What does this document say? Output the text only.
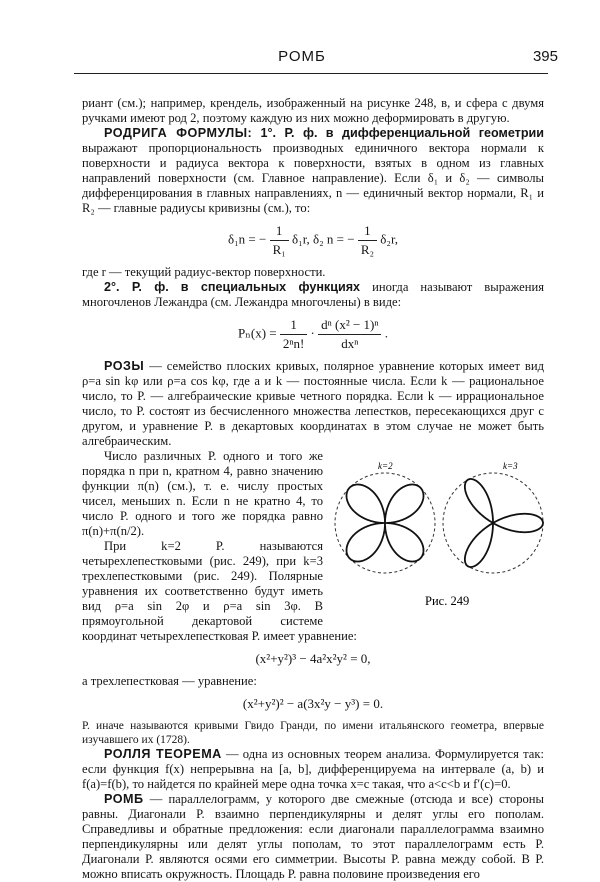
РОМБ	395

риант (см.); например, крендель, изображенный на рисунке 248, в, и сфера с двумя ручками имеют род 2, поэтому каждую из них можно деформировать в другую.

РОДРИГА ФОРМУЛЫ: 1°. Р. ф. в дифференциальной геометрии выражают пропорциональность производных единичного вектора нормали к поверхности и радиуса вектора к поверхности, взятых в одном из главных направлений поверхности (см. Главное направление). Если δ₁ и δ₂ — символы дифференцирования в главных направлениях, n — единичный вектор нормали, R₁ и R₂ — главные радиусы кривизны (см.), то:

δ₁n = − $\frac{1}{\text{R₁}} \delta_1r$, δ₂ n = − $\frac{1}{\text{R₂}} \delta_2r$,

где r — текущий радиус-вектор поверхности.

2°. Р. ф. в специальных функциях иногда называют выражения многочленов Лежандра (см. Лежандра многочлены) в виде:

$P_n(x) = \frac{1}{\text{2ⁿn!}} \cdot \frac{\text{dⁿ (x² − 1)ⁿ}}{\text{dxⁿ}}$ .

РОЗЫ — семейство плоских кривых, полярное уравнение которых имеет вид ρ=a sin kφ или ρ=a cos kφ, где a и k — постоянные числа. Если k — рациональное число, то Р. — алгебраические кривые четного порядка. Если k — иррациональное число, то Р. состоят из бесчисленного множества лепестков, пересекающихся друг с другом, и уравнение Р. в декартовых координатах в этом случае не может быть алгебраическим.

k=2	k=3
Рис. 249

Число различных Р. одного и того же порядка n при n, кратном 4, равно значению функции π(n) (см.), т. е. числу простых чисел, меньших n. Если n не кратно 4, то число Р. одного и того же порядка равно π(n)+π(n/2).

При k=2 Р. называются четырехлепестковыми (рис. 249), при k=3 трехлепестковыми (рис. 249). Полярные уравнения их соответственно будут иметь вид ρ=a sin 2φ и ρ=a sin 3φ. В прямоугольной декартовой системе координат четырехлепестковая Р. имеет уравнение:

(x²+y²)³ − 4a²x²y² = 0,

а трехлепестковая — уравнение:

(x²+y²)² − a(3x²y − y³) = 0.

Р. иначе называются кривыми Гвидо Гранди, по имени итальянского геометра, впервые изучавшего их (1728).

РОЛЛЯ ТЕОРЕМА — одна из основных теорем анализа. Формулируется так: если функция f(x) непрерывна на [a, b], дифференцируема на интервале (a, b) и f(a)=f(b), то найдется по крайней мере одна точка x=c такая, что a<c<b и f′(c)=0.

РОМБ — параллелограмм, у которого две смежные (отсюда и все) стороны равны. Диагонали Р. взаимно перпендикулярны и делят углы его пополам. Справедливы и обратные предложения: если диагонали параллелограмма взаимно перпендикулярны или делят углы пополам, то этот параллелограмм есть Р. Диагонали Р. являются осями его симметрии. Высоты Р. равна между собой. В Р. можно вписать окружность. Площадь Р. равна половине произведения его
